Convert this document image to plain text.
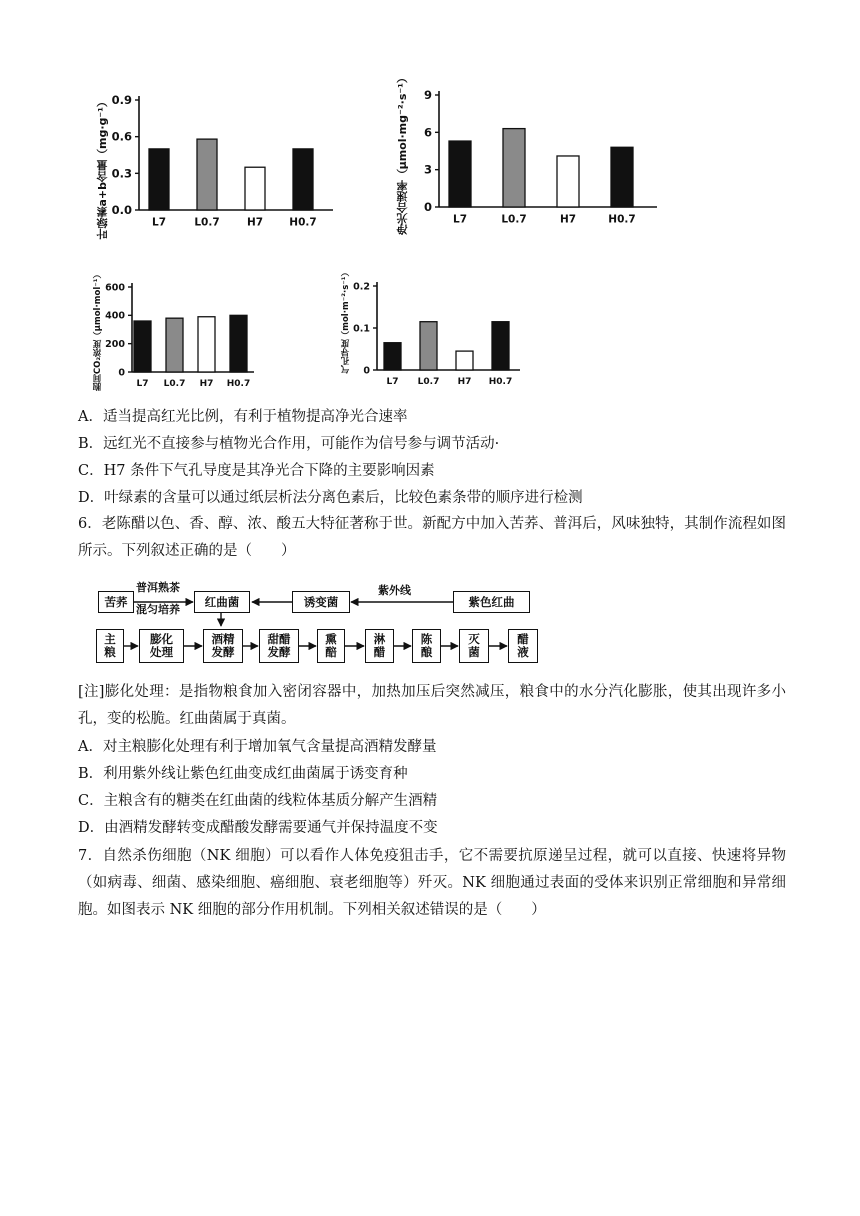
叶绿素a+b含量（mg·g⁻¹） 0.9
0.6
0.3
0.0
L7	L0.7	H7	H0.7	净光合速率（μmol·mg⁻²·s⁻¹） 9
6
3
0
L7	L0.7	H7	H0.7
胞间CO₂浓度（μmol·mol⁻¹） 600
400
200
0
L7 L0.7 H7 H0.7
气孔导度（mol·m⁻²·s⁻¹） 0.2
0.1
0
L7 L0.7 H7 H0.7
A．适当提高红光比例，有利于植物提高净光合速率
B．远红光不直接参与植物光合作用，可能作为信号参与调节活动·
C．H7 条件下气孔导度是其净光合下降的主要影响因素
D．叶绿素的含量可以通过纸层析法分离色素后，比较色素条带的顺序进行检测
6．老陈醋以色、香、醇、浓、酸五大特征著称于世。新配方中加入苦荞、普洱后，风味独特，其制作流程如图所示。下列叙述正确的是（　　）
苦荞
普洱熟茶
混匀培养
红曲菌	诱变菌
紫外线
紫色红曲
主粮
膨化处理
酒精发酵
甜醋发酵
熏醅
淋醋
陈酿
灭菌
醋液
[注]膨化处理：是指物粮食加入密闭容器中，加热加压后突然减压，粮食中的水分汽化膨胀，使其出现许多小孔，变的松脆。红曲菌属于真菌。
A．对主粮膨化处理有利于增加氧气含量提高酒精发酵量
B．利用紫外线让紫色红曲变成红曲菌属于诱变育种
C．主粮含有的糖类在红曲菌的线粒体基质分解产生酒精
D．由酒精发酵转变成醋酸发酵需要通气并保持温度不变
7．自然杀伤细胞（NK 细胞）可以看作人体免疫狙击手，它不需要抗原递呈过程，就可以直接、快速将异物（如病毒、细菌、感染细胞、癌细胞、衰老细胞等）歼灭。NK 细胞通过表面的受体来识别正常细胞和异常细胞。如图表示 NK 细胞的部分作用机制。下列相关叙述错误的是（　　）
